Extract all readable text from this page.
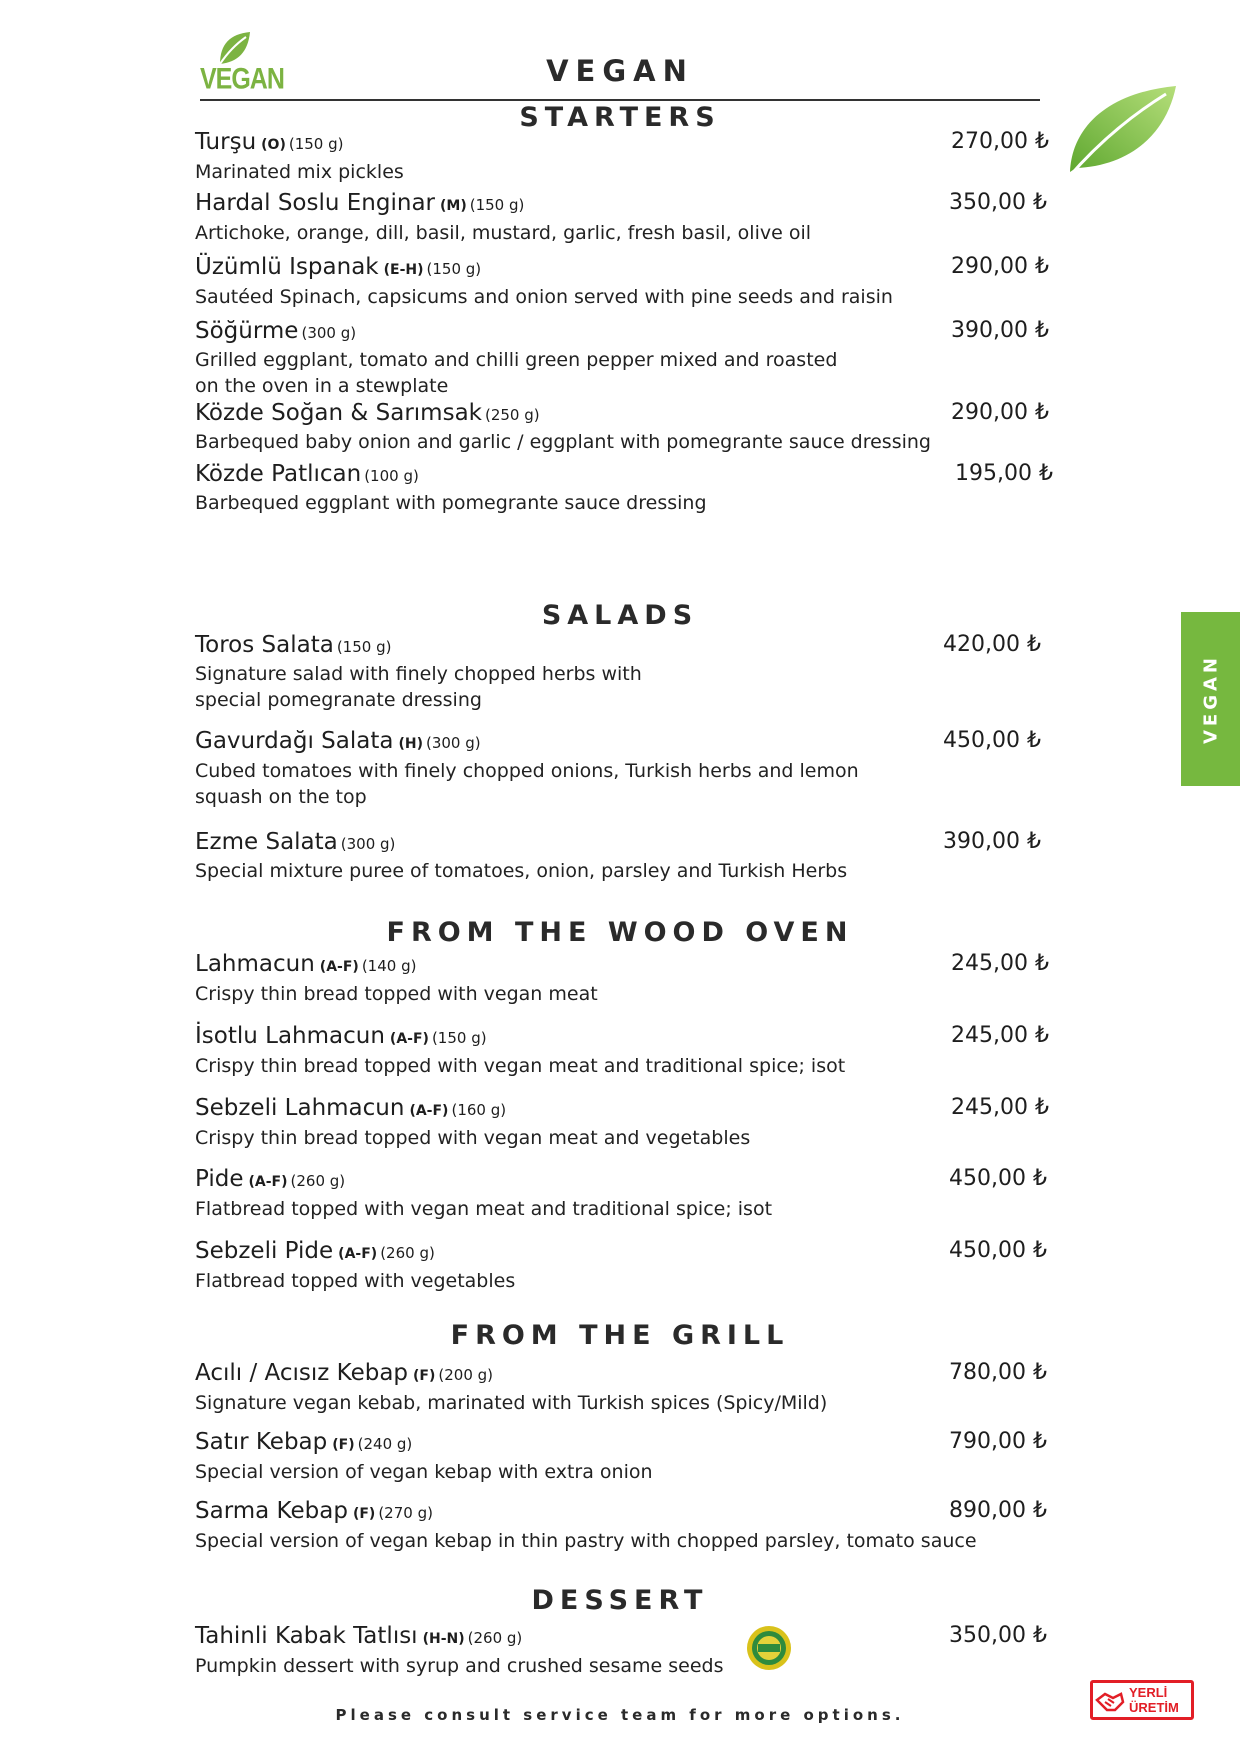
VEGAN	VEGAN
VEGAN
STARTERS
Turşu (O) (150 g)	270,00 ₺
Marinated mix pickles
Hardal Soslu Enginar (M) (150 g)	350,00 ₺
Artichoke, orange, dill, basil, mustard, garlic, fresh basil, olive oil
Üzümlü Ispanak (E-H) (150 g)	290,00 ₺
Sautéed Spinach, capsicums and onion served with pine seeds and raisin
Söğürme (300 g)	390,00 ₺
Grilled eggplant, tomato and chilli green pepper mixed and roasted
on the oven in a stewplate
Közde Soğan & Sarımsak (250 g)	290,00 ₺
Barbequed baby onion and garlic / eggplant with pomegrante sauce dressing
Közde Patlıcan (100 g)	195,00 ₺
Barbequed eggplant with pomegrante sauce dressing
SALADS
Toros Salata (150 g)	420,00 ₺
Signature salad with finely chopped herbs with
special pomegranate dressing
Gavurdağı Salata (H) (300 g)	450,00 ₺
Cubed tomatoes with finely chopped onions, Turkish herbs and lemon
squash on the top
Ezme Salata (300 g)	390,00 ₺
Special mixture puree of tomatoes, onion, parsley and Turkish Herbs
FROM THE WOOD OVEN
Lahmacun (A-F) (140 g)	245,00 ₺
Crispy thin bread topped with vegan meat
İsotlu Lahmacun (A-F) (150 g)	245,00 ₺
Crispy thin bread topped with vegan meat and traditional spice; isot
Sebzeli Lahmacun (A-F) (160 g)	245,00 ₺
Crispy thin bread topped with vegan meat and vegetables
Pide (A-F) (260 g)	450,00 ₺
Flatbread topped with vegan meat and traditional spice; isot
Sebzeli Pide (A-F) (260 g)	450,00 ₺
Flatbread topped with vegetables
FROM THE GRILL
Acılı / Acısız Kebap (F) (200 g)	780,00 ₺
Signature vegan kebab, marinated with Turkish spices (Spicy/Mild)
Satır Kebap (F) (240 g)	790,00 ₺
Special version of vegan kebap with extra onion
Sarma Kebap (F) (270 g)	890,00 ₺
Special version of vegan kebap in thin pastry with chopped parsley, tomato sauce
DESSERT
Tahinli Kabak Tatlısı (H-N) (260 g)	350,00 ₺
Pumpkin dessert with syrup and crushed sesame seeds
Please consult service team for more options.
YERLİ
ÜRETİM
